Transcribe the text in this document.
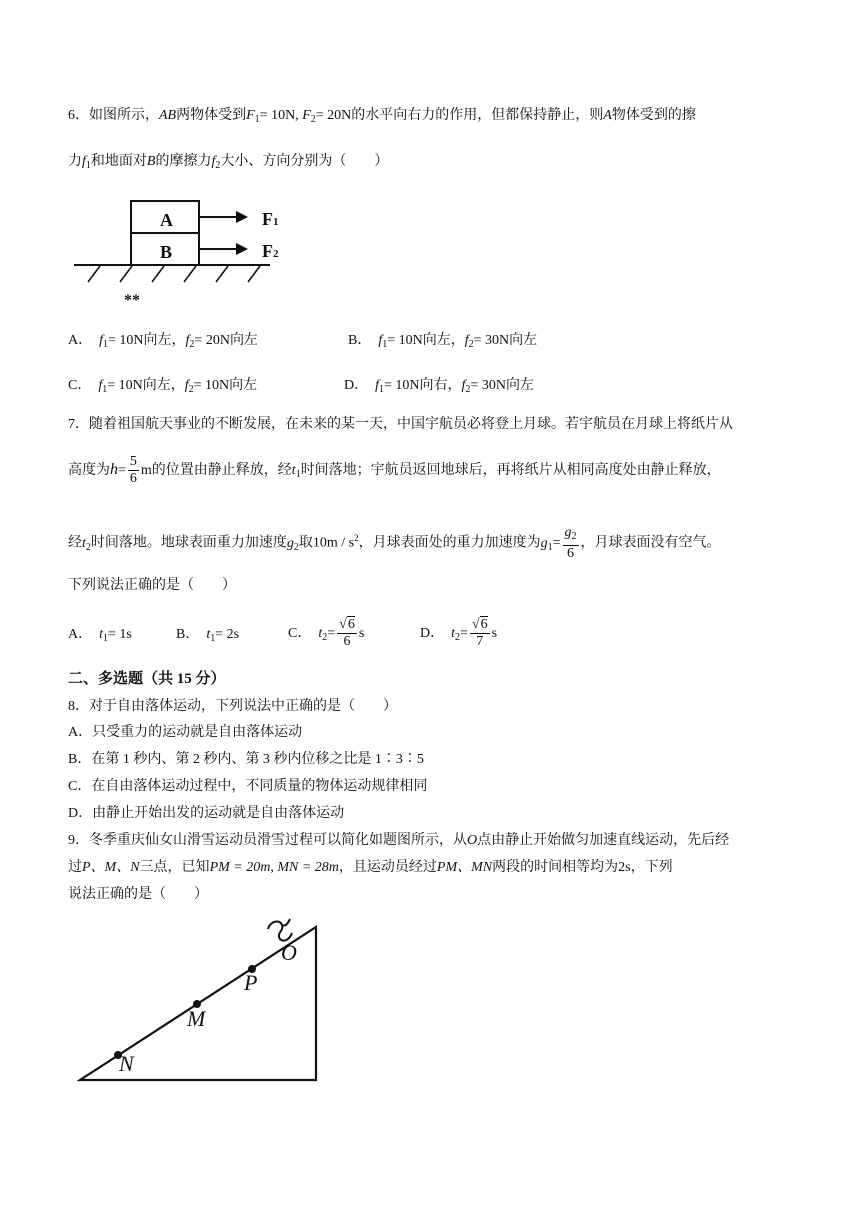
6．如图所示，AB两物体受到$F_1= 10N$, $F_2= 20N$的水平向右力的作用，但都保持静止，则A物体受到的擦
力$f_1$和地面对B的摩擦力$f_2$大小、方向分别为（　　）
A
B
F1
F2
**
A． $f_1= 10N$向左，$f_2= 20N$向左	B． $f_1= 10N$向左，$f_2= 30N$向左
C． $f_1= 10N$向左，$f_2= 10N$向左	D． $f_1= 10N$向右，$f_2= 30N$向左
7．随着祖国航天事业的不断发展，在未来的某一天，中国宇航员必将登上月球。若宇航员在月球上将纸片从
高度为$h= \frac{5}{6}$ m的位置由静止释放，经$t_1$时间落地；宇航员返回地球后，再将纸片从相同高度处由静止释放，
经$t_2$时间落地。地球表面重力加速度$g_2$取$10m / s^2$，月球表面处的重力加速度为$g_1= \frac{g_2}{6}$ ，月球表面没有空气。
下列说法正确的是（　　）
A． $t_1= 1s$	B． $t_1= 2s$	C． $t_2= \frac{√6}{6}$ s	D． $t_2= \frac{√6}{7}$ s
二、多选题（共 15 分）
8．对于自由落体运动，下列说法中正确的是（　　）
A．只受重力的运动就是自由落体运动
B．在第 1 秒内、第 2 秒内、第 3 秒内位移之比是 1∶3∶5
C．在自由落体运动过程中，不同质量的物体运动规律相同
D．由静止开始出发的运动就是自由落体运动
9．冬季重庆仙女山滑雪运动员滑雪过程可以简化如题图所示，从O点由静止开始做匀加速直线运动，先后经
过P、M、N三点，已知PM = 20m, MN = 28m，且运动员经过PM、MN两段的时间相等均为2s，下列
说法正确的是（　　）
O
P
M
N
